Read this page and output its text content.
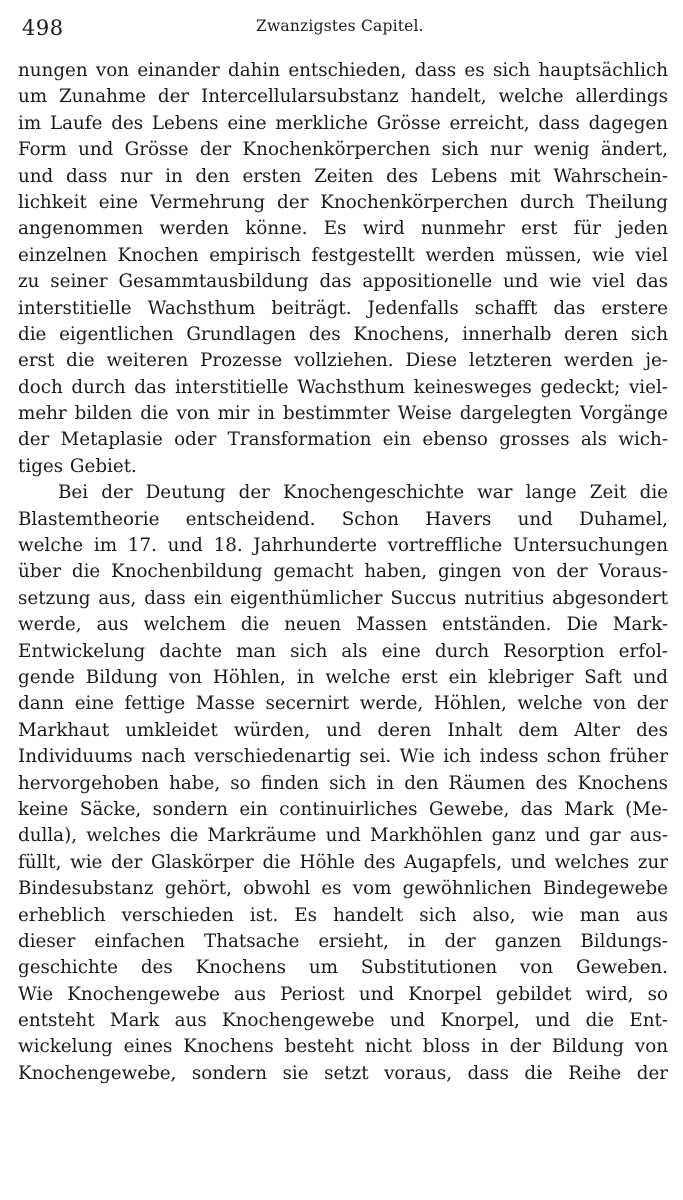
498	Zwanzigstes Capitel.
nungen von einander dahin entschieden, dass es sich hauptsächlich
um Zunahme der Intercellularsubstanz handelt, welche allerdings
im Laufe des Lebens eine merkliche Grösse erreicht, dass dagegen
Form und Grösse der Knochenkörperchen sich nur wenig ändert,
und dass nur in den ersten Zeiten des Lebens mit Wahrschein-
lichkeit eine Vermehrung der Knochenkörperchen durch Theilung
angenommen werden könne. Es wird nunmehr erst für jeden
einzelnen Knochen empirisch festgestellt werden müssen, wie viel
zu seiner Gesammtausbildung das appositionelle und wie viel das
interstitielle Wachsthum beiträgt. Jedenfalls schafft das erstere
die eigentlichen Grundlagen des Knochens, innerhalb deren sich
erst die weiteren Prozesse vollziehen. Diese letzteren werden je-
doch durch das interstitielle Wachsthum keinesweges gedeckt; viel-
mehr bilden die von mir in bestimmter Weise dargelegten Vorgänge
der Metaplasie oder Transformation ein ebenso grosses als wich-
tiges Gebiet.
Bei der Deutung der Knochengeschichte war lange Zeit die
Blastemtheorie entscheidend. Schon Havers und Duhamel,
welche im 17. und 18. Jahrhunderte vortreffliche Untersuchungen
über die Knochenbildung gemacht haben, gingen von der Voraus-
setzung aus, dass ein eigenthümlicher Succus nutritius abgesondert
werde, aus welchem die neuen Massen entständen. Die Mark-
Entwickelung dachte man sich als eine durch Resorption erfol-
gende Bildung von Höhlen, in welche erst ein klebriger Saft und
dann eine fettige Masse secernirt werde, Höhlen, welche von der
Markhaut umkleidet würden, und deren Inhalt dem Alter des
Individuums nach verschiedenartig sei. Wie ich indess schon früher
hervorgehoben habe, so finden sich in den Räumen des Knochens
keine Säcke, sondern ein continuirliches Gewebe, das Mark (Me-
dulla), welches die Markräume und Markhöhlen ganz und gar aus-
füllt, wie der Glaskörper die Höhle des Augapfels, und welches zur
Bindesubstanz gehört, obwohl es vom gewöhnlichen Bindegewebe
erheblich verschieden ist. Es handelt sich also, wie man aus
dieser einfachen Thatsache ersieht, in der ganzen Bildungs-
geschichte des Knochens um Substitutionen von Geweben.
Wie Knochengewebe aus Periost und Knorpel gebildet wird, so
entsteht Mark aus Knochengewebe und Knorpel, und die Ent-
wickelung eines Knochens besteht nicht bloss in der Bildung von
Knochengewebe, sondern sie setzt voraus, dass die Reihe der
